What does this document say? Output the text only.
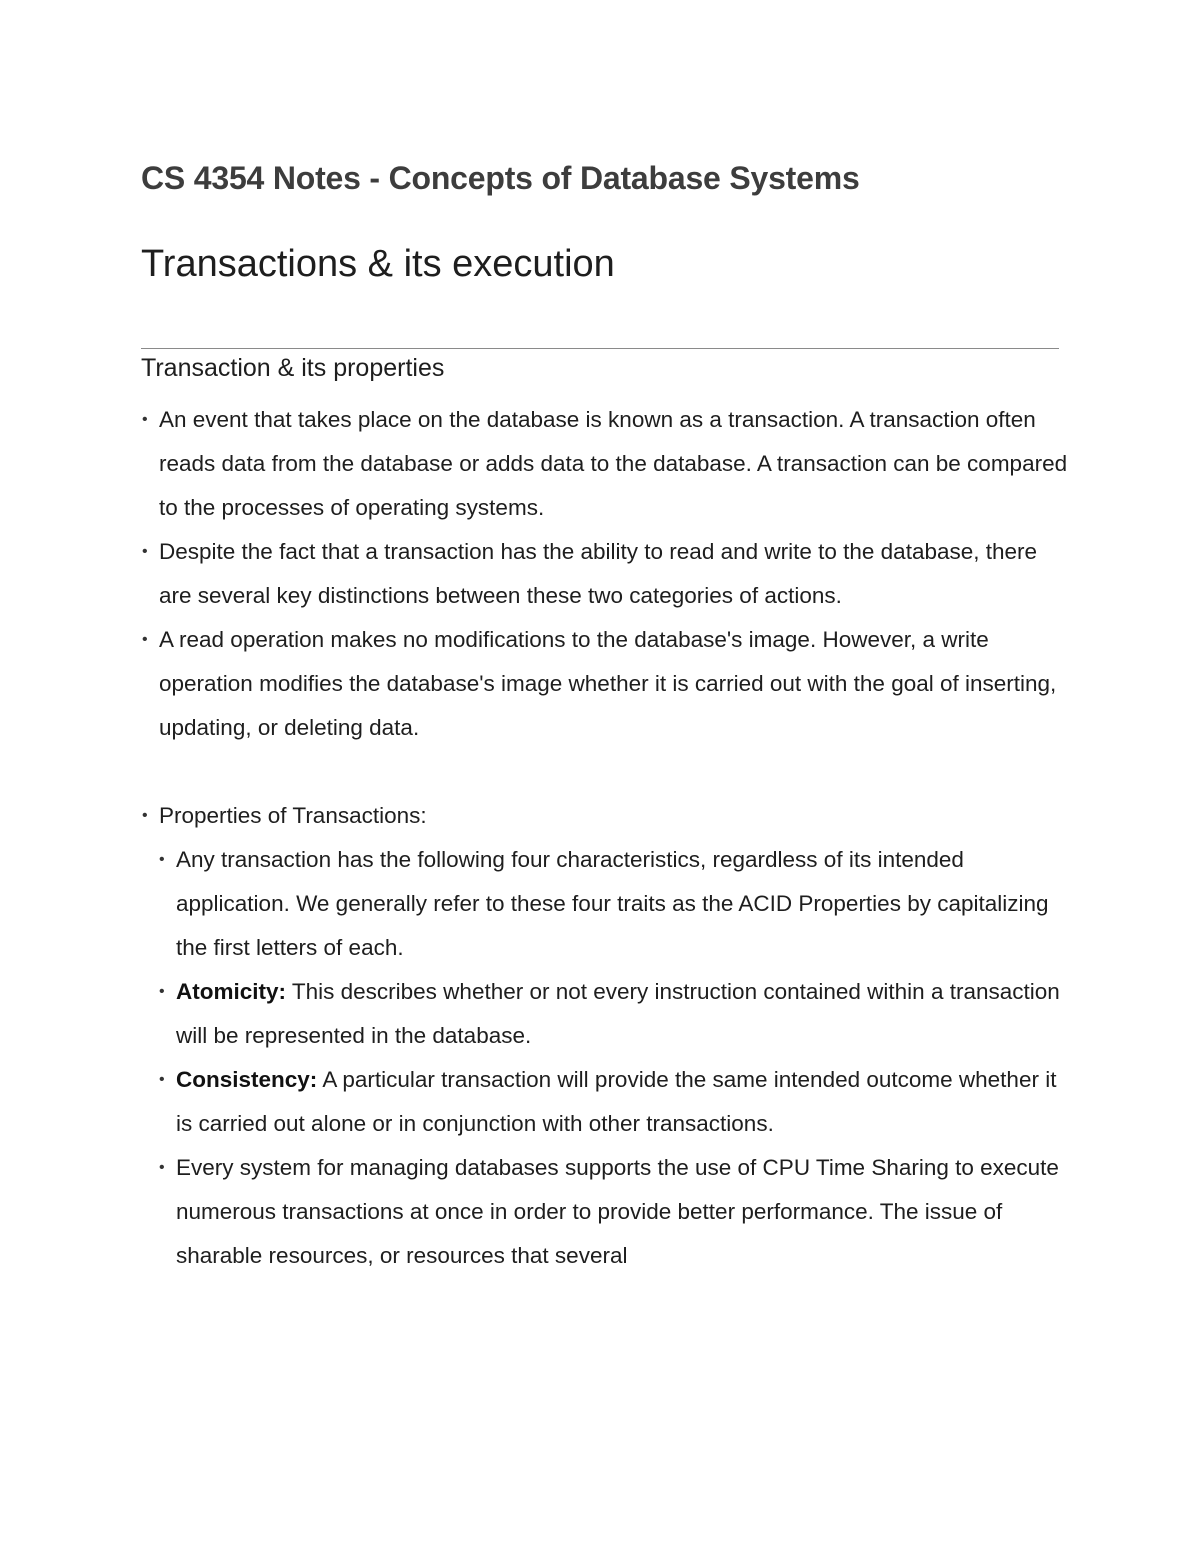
CS 4354 Notes - Concepts of Database Systems
Transactions & its execution
Transaction & its properties
• An event that takes place on the database is known as a transaction. A transaction often reads data from the database or adds data to the database. A transaction can be compared to the processes of operating systems.
• Despite the fact that a transaction has the ability to read and write to the database, there are several key distinctions between these two categories of actions.
• A read operation makes no modifications to the database's image. However, a write operation modifies the database's image whether it is carried out with the goal of inserting, updating, or deleting data.
• Properties of Transactions:
• Any transaction has the following four characteristics, regardless of its intended application. We generally refer to these four traits as the ACID Properties by capitalizing the first letters of each.
• Atomicity: This describes whether or not every instruction contained within a transaction will be represented in the database.
• Consistency: A particular transaction will provide the same intended outcome whether it is carried out alone or in conjunction with other transactions.
• Every system for managing databases supports the use of CPU Time Sharing to execute numerous transactions at once in order to provide better performance. The issue of sharable resources, or resources that several
